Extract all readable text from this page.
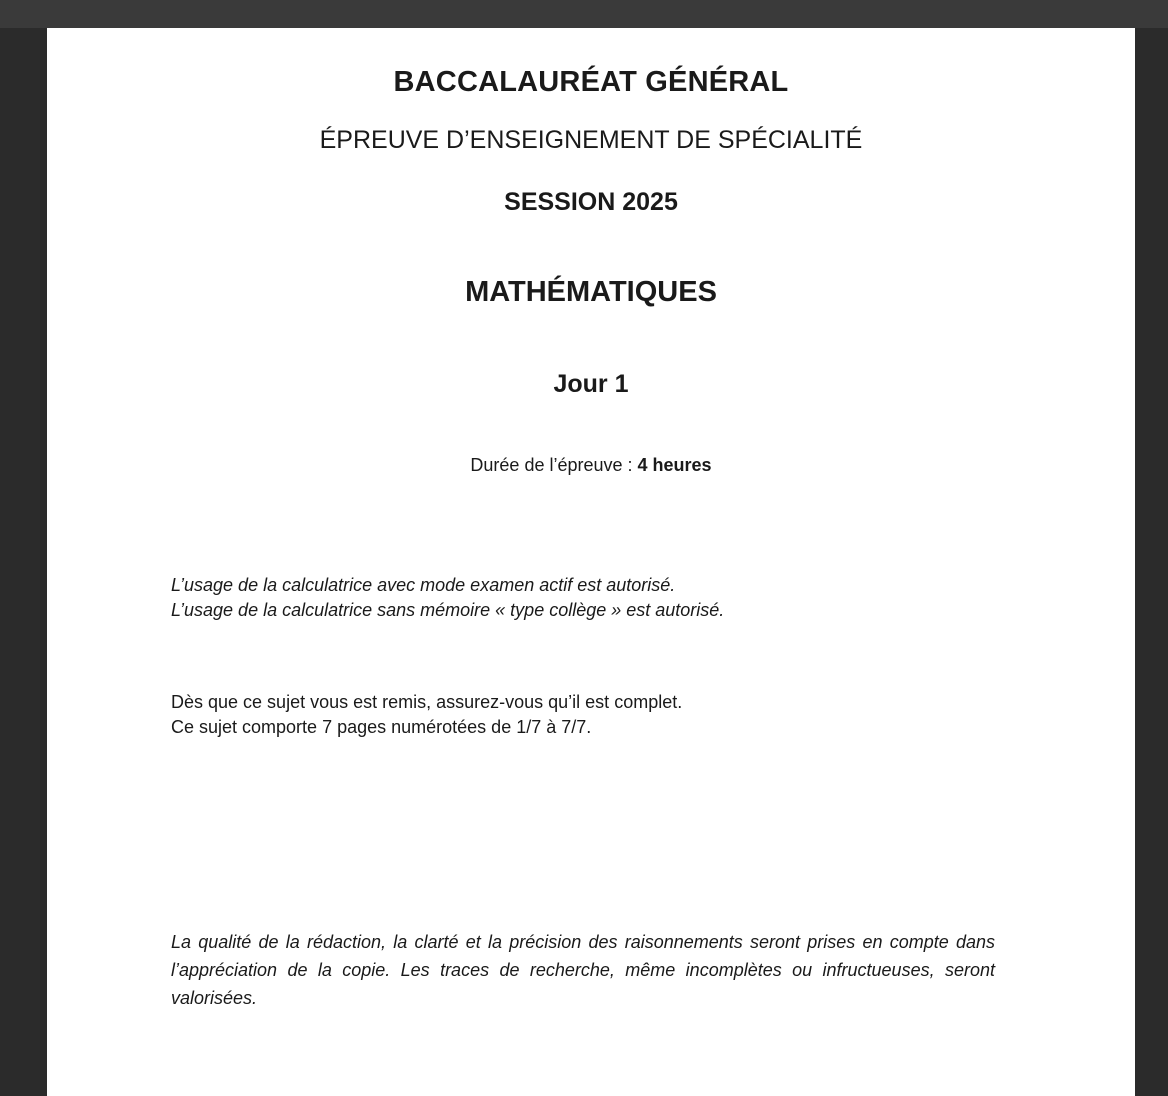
BACCALAURÉAT GÉNÉRAL
ÉPREUVE D’ENSEIGNEMENT DE SPÉCIALITÉ
SESSION 2025
MATHÉMATIQUES
Jour 1
Durée de l’épreuve : 4 heures
L’usage de la calculatrice avec mode examen actif est autorisé.
L’usage de la calculatrice sans mémoire « type collège » est autorisé.
Dès que ce sujet vous est remis, assurez-vous qu’il est complet.
Ce sujet comporte 7 pages numérotées de 1/7 à 7/7.
La qualité de la rédaction, la clarté et la précision des raisonnements seront prises en compte dans l’appréciation de la copie. Les traces de recherche, même incomplètes ou infructueuses, seront valorisées.
